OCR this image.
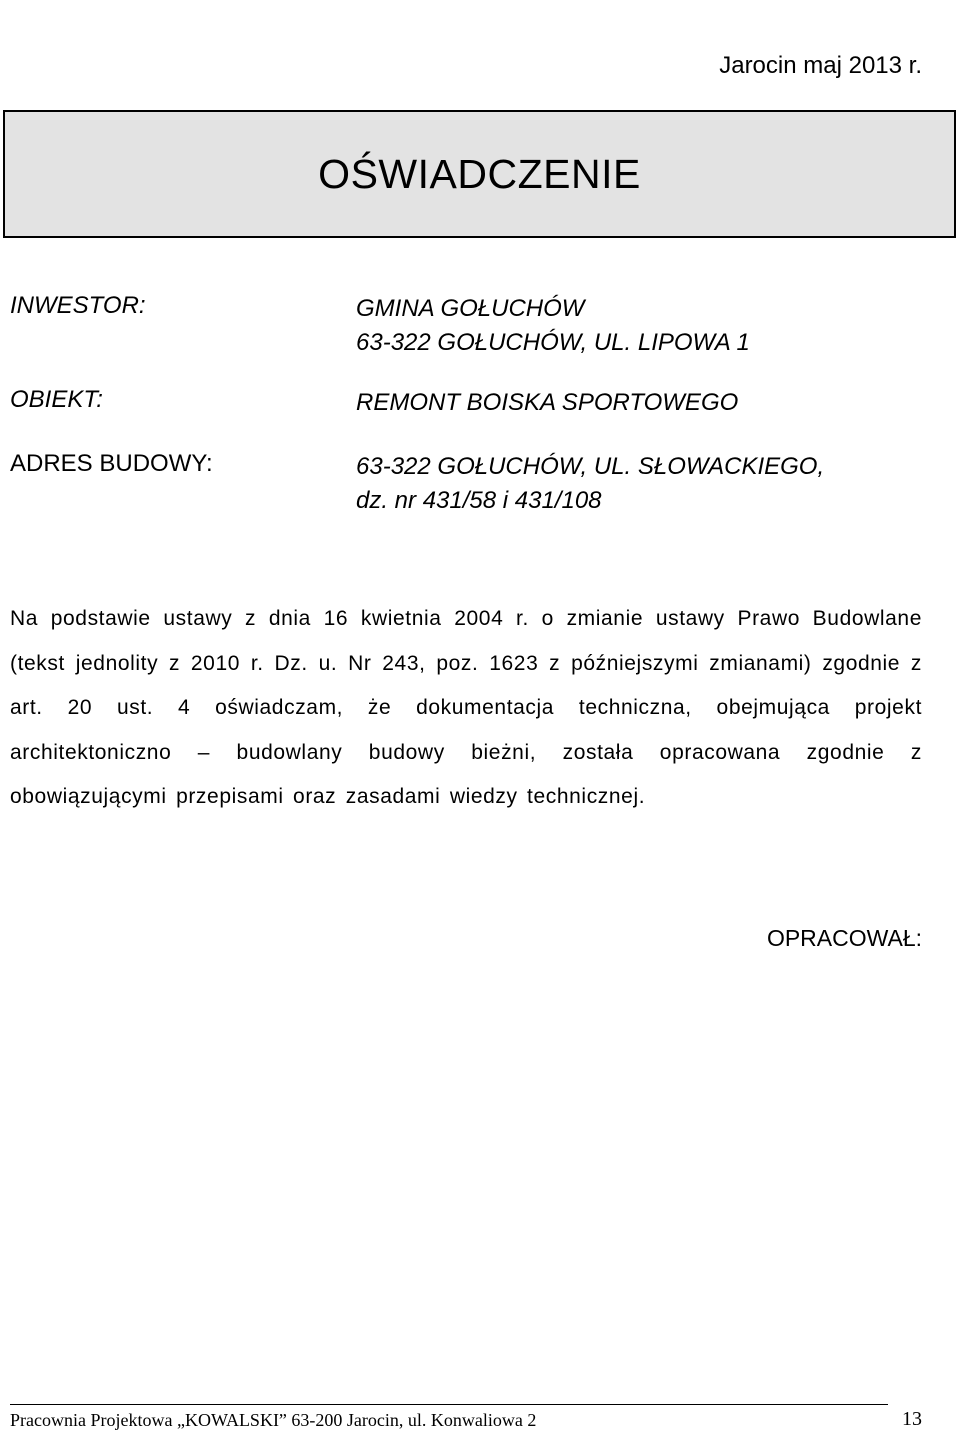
Jarocin maj 2013 r.
OŚWIADCZENIE
INWESTOR:	GMINA GOŁUCHÓW
63-322 GOŁUCHÓW, UL. LIPOWA 1
OBIEKT:	REMONT BOISKA SPORTOWEGO
ADRES BUDOWY:	63-322 GOŁUCHÓW, UL. SŁOWACKIEGO,
dz. nr 431/58 i 431/108
Na podstawie ustawy z dnia 16 kwietnia 2004 r. o zmianie ustawy Prawo Budowlane (tekst jednolity z 2010 r. Dz. u. Nr 243, poz. 1623 z późniejszymi zmianami) zgodnie z art. 20 ust. 4 oświadczam, że dokumentacja techniczna, obejmująca projekt architektoniczno – budowlany budowy bieżni, została opracowana zgodnie z obowiązującymi przepisami oraz zasadami wiedzy technicznej.
OPRACOWAŁ:
Pracownia Projektowa „KOWALSKI” 63-200 Jarocin, ul. Konwaliowa 2	13
